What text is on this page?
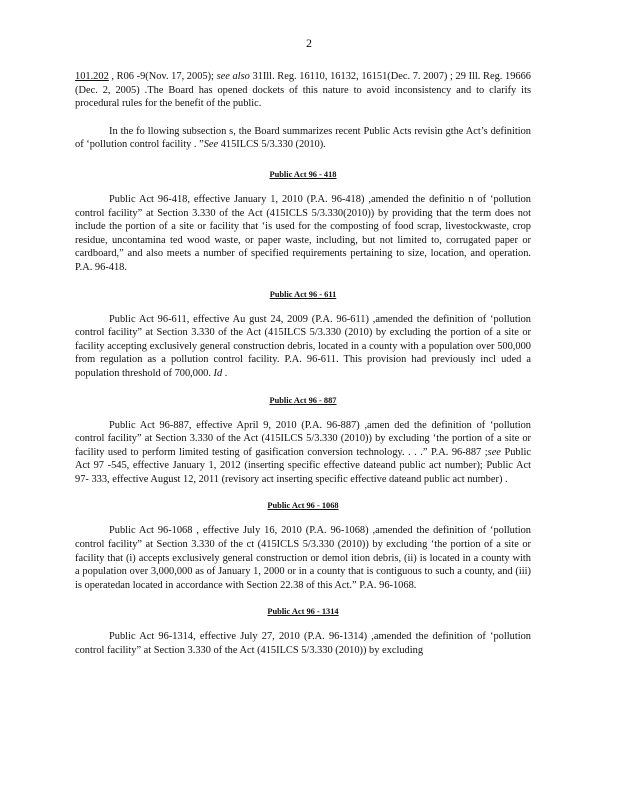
2

101.202 , R06 -9(Nov. 17, 2005); see also 31Ill. Reg. 16110, 16132, 16151(Dec. 7. 2007) ; 29 Ill. Reg. 19666 (Dec. 2, 2005) .The Board has opened dockets of this nature to avoid inconsistency and to clarify its procedural rules for the benefit of the public.

In the fo llowing subsection s, the Board summarizes recent Public Acts revisin gthe Act’s definition of ‘pollution control facility . ”See 415ILCS 5/3.330 (2010).

Public Act 96 - 418

Public Act 96-418, effective January 1, 2010 (P.A. 96-418) ,amended the definitio n of ‘pollution control facility” at Section 3.330 of the Act (415ICLS 5/3.330(2010)) by providing that the term does not include the portion of a site or facility that ‘is used for the composting of food scrap, livestockwaste, crop residue, uncontamina ted wood waste, or paper waste, including, but not limited to, corrugated paper or cardboard,” and also meets a number of specified requirements pertaining to size, location, and operation. P.A. 96-418.

Public Act 96 - 611

Public Act 96-611, effective Au gust 24, 2009 (P.A. 96-611) ,amended the definition of ‘pollution control facility” at Section 3.330 of the Act (415ILCS 5/3.330 (2010) by excluding the portion of a site or facility accepting exclusively general construction debris, located in a county with a population over 500,000 from regulation as a pollution control facility. P.A. 96-611. This provision had previously incl uded a population threshold of 700,000. Id .

Public Act 96 - 887

Public Act 96-887, effective April 9, 2010 (P.A. 96-887) ,amen ded the definition of ‘pollution control facility” at Section 3.330 of the Act (415ILCS 5/3.330 (2010)) by excluding ‘the portion of a site or facility used to perform limited testing of gasification conversion technology. . . .” P.A. 96-887 ;see Public Act 97 -545, effective January 1, 2012 (inserting specific effective dateand public act number); Public Act 97- 333, effective August 12, 2011 (revisory act inserting specific effective dateand public act number) .

Public Act 96 - 1068

Public Act 96-1068 , effective July 16, 2010 (P.A. 96-1068) ,amended the definition of ‘pollution control facility” at Section 3.330 of the ct (415ICLS 5/3.330 (2010)) by excluding ‘the portion of a site or facility that (i) accepts exclusively general construction or demol ition debris, (ii) is located in a county with a population over 3,000,000 as of January 1, 2000 or in a county that is contiguous to such a county, and (iii) is operatedan located in accordance with Section 22.38 of this Act.” P.A. 96-1068.

Public Act 96 - 1314

Public Act 96-1314, effective July 27, 2010 (P.A. 96-1314) ,amended the definition of ‘pollution control facility” at Section 3.330 of the Act (415ILCS 5/3.330 (2010)) by excluding
